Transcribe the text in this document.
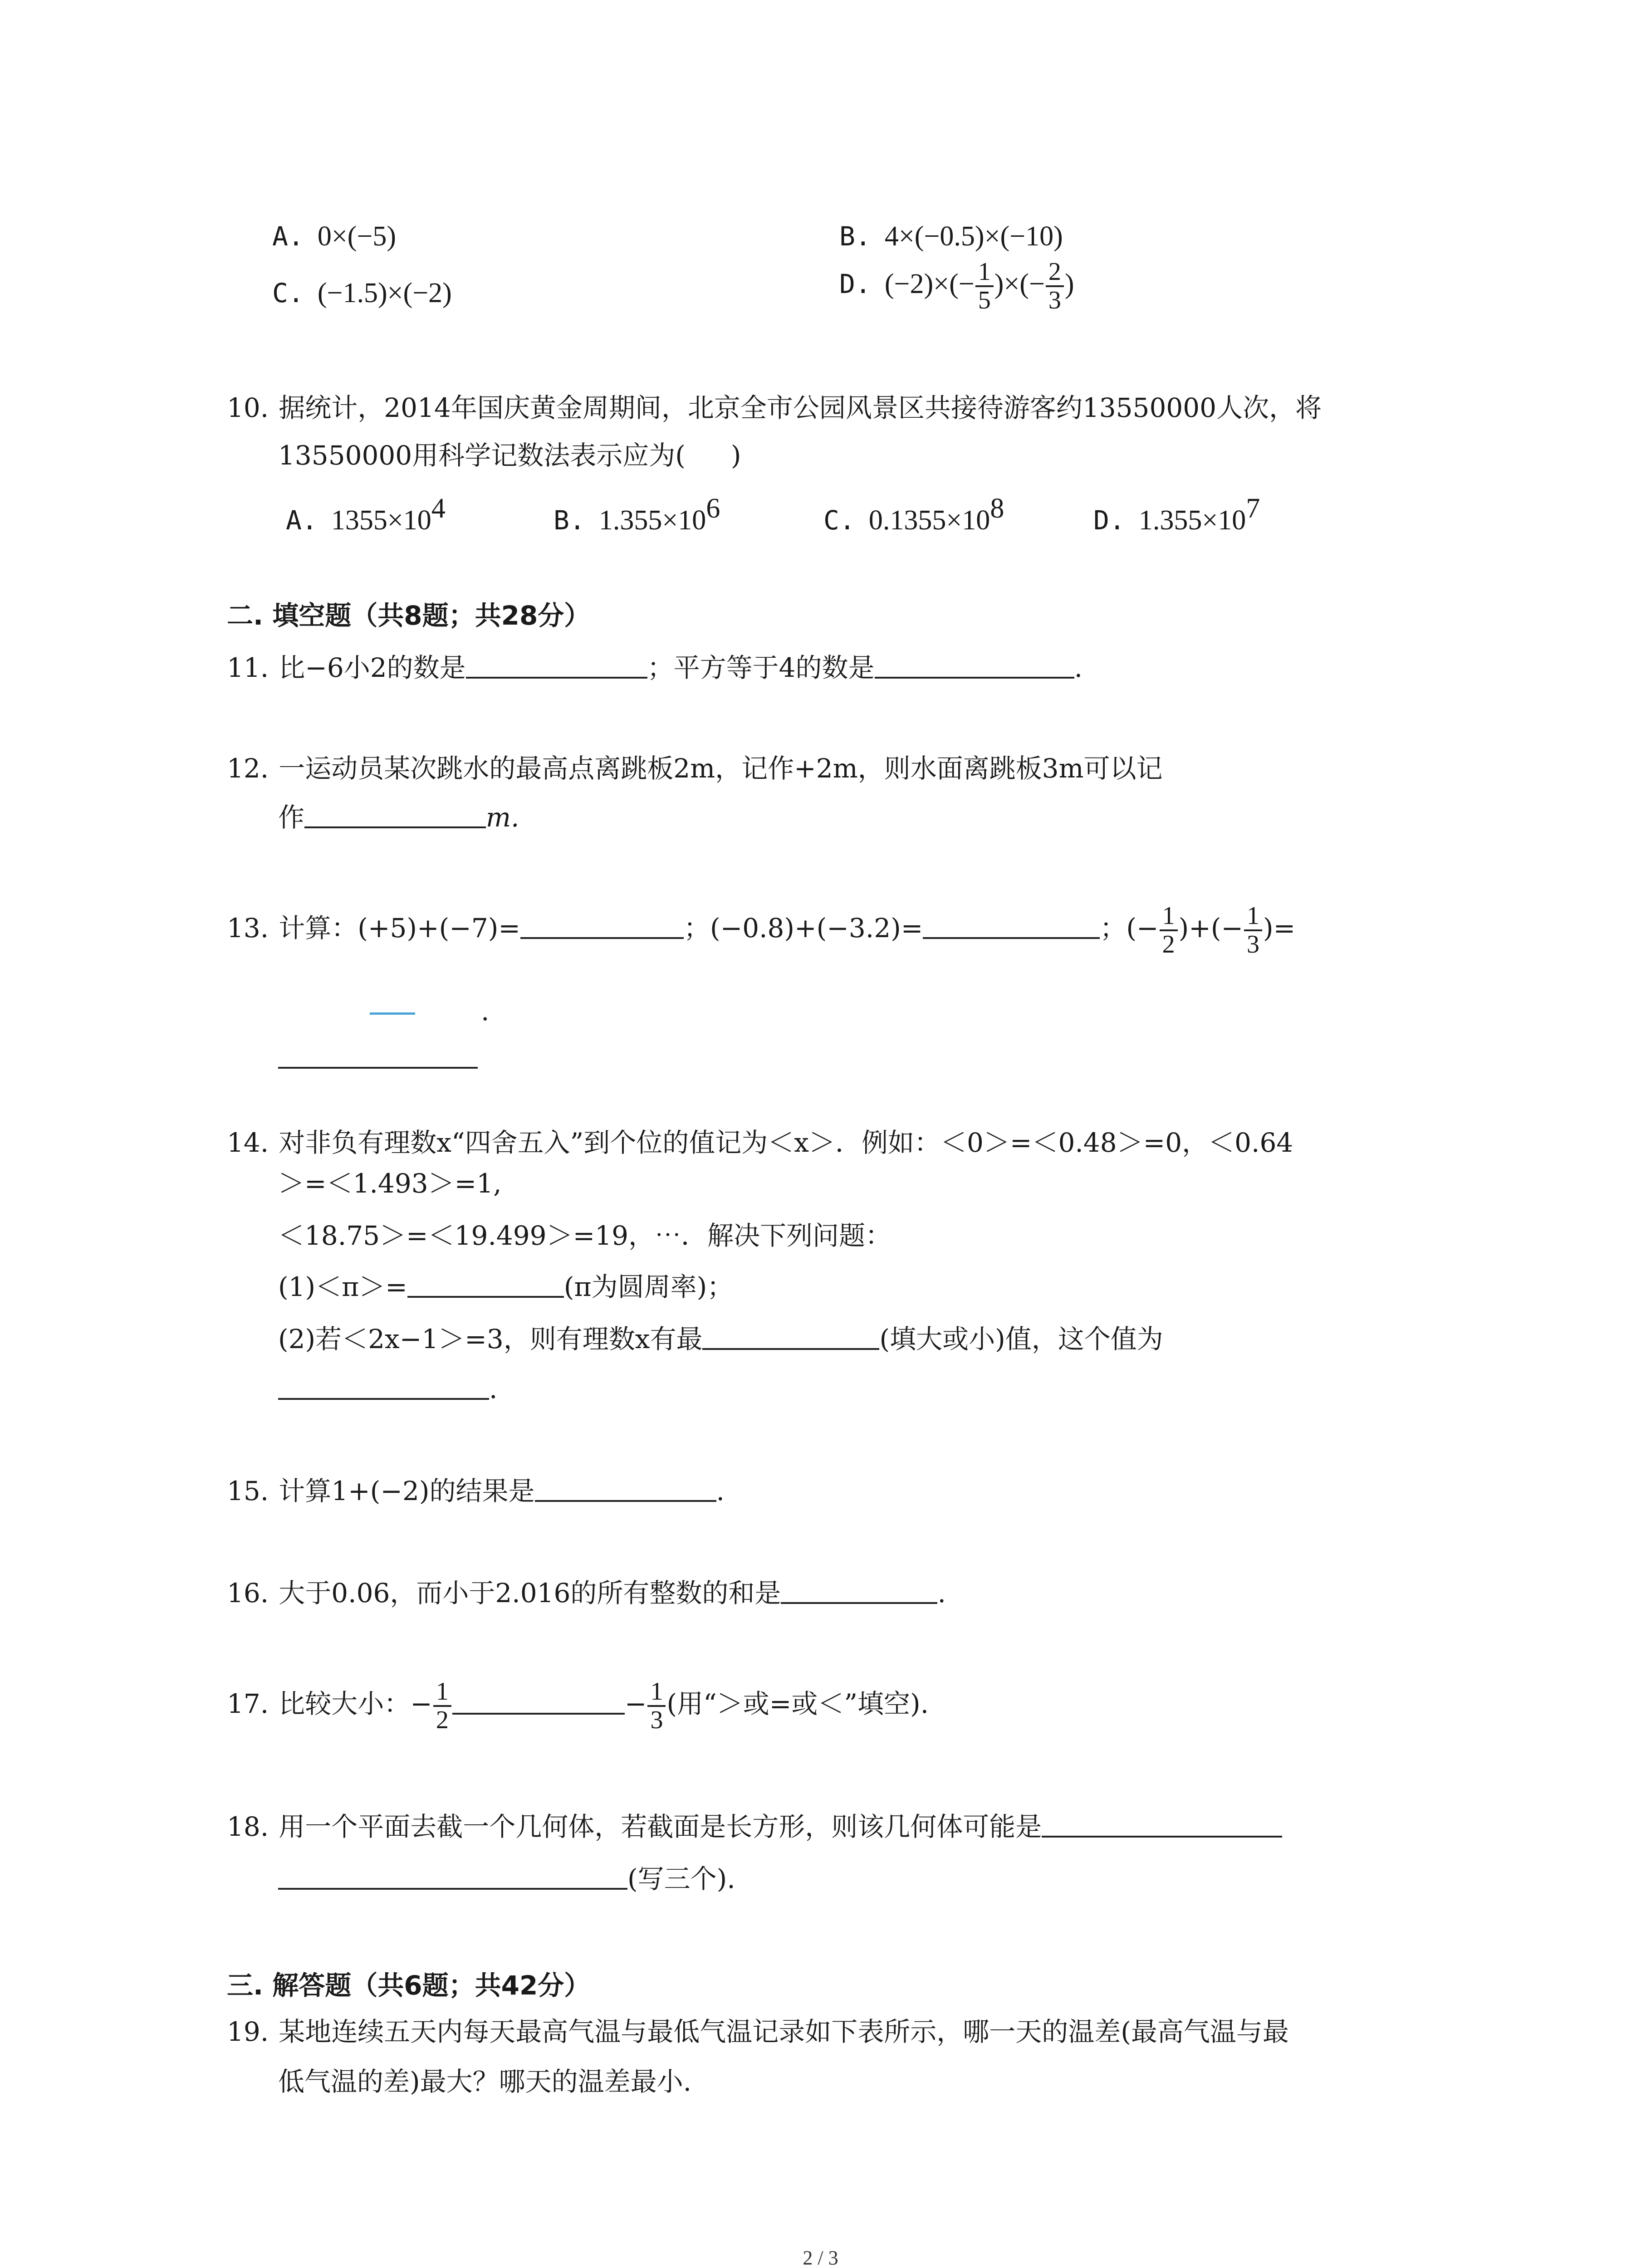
A. 0×(−5)	B. 4×(−0.5)×(−10)
C. (−1.5)×(−2)	D. $(-2)\times(- \frac{1}{5}$ )×(− $\frac{2}{3}$ )
10. 据统计，2014年国庆黄金周期间，北京全市公园风景区共接待游客约13550000人次，将
13550000用科学记数法表示应为( )
A. $1355\times 10^4$	B. $1.355\times 10^6$	C. $0.1355\times 10^8$	D. $1.355\times 10^7$
二. 填空题（共8题；共28分）
11. 比−6小2的数是	；平方等于4的数是	.
12. 一运动员某次跳水的最高点离跳板2m，记作+2m，则水面离跳板3m可以记
作	m.
13. 计算：(+5)+(−7)=	；(−0.8)+(−3.2)=	；(− $\frac{1}{2}$ )+(− $\frac{1}{3}$ )=
.
14. 对非负有理数x“四舍五入”到个位的值记为＜x＞．例如：＜0＞=＜0.48＞=0，＜0.64
＞=＜1.493＞=1,
＜18.75＞=＜19.499＞=19，⋯．解决下列问题：
(1)＜π＞=	(π为圆周率)；
(2)若＜2x−1＞=3，则有理数x有最	(填大或小)值，这个值为
.
15. 计算1+(−2)的结果是	.
16. 大于0.06，而小于2.016的所有整数的和是	.
17. 比较大小：− $\frac{1}{2}$	− $\frac{1}{3}$ (用“＞或=或＜”填空).
18. 用一个平面去截一个几何体，若截面是长方形，则该几何体可能是
(写三个).
三. 解答题（共6题；共42分）
19. 某地连续五天内每天最高气温与最低气温记录如下表所示，哪一天的温差(最高气温与最
低气温的差)最大？哪天的温差最小.
2 / 3
